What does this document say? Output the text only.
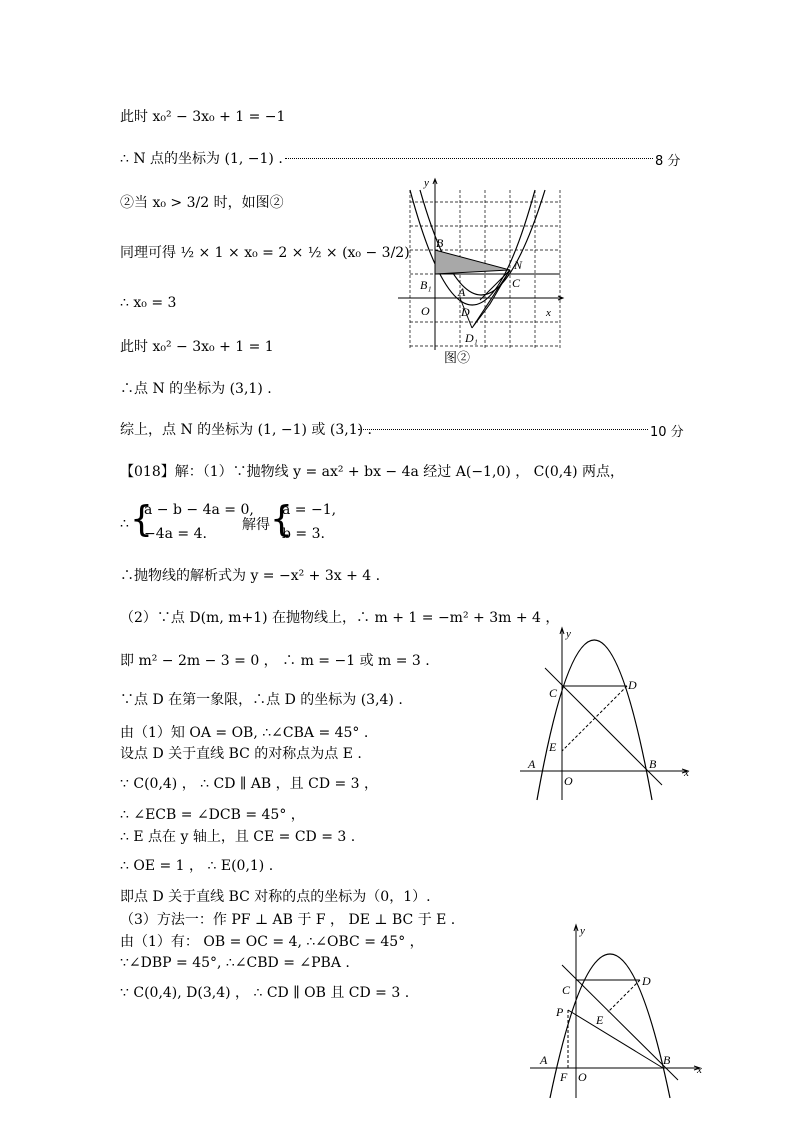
此时 x₀² − 3x₀ + 1 = −1
∴ N 点的坐标为 (1, −1) .	8 分
②当 x₀ > 3/2 时，如图②
同理可得 ½ × 1 × x₀ = 2 × ½ × (x₀ − 3/2)
∴ x₀ = 3
此时 x₀² − 3x₀ + 1 = 1
∴点 N 的坐标为 (3,1) .
综上，点 N 的坐标为 (1, −1) 或 (3,1) .	10 分
y
x
O
B
B₁ A
N
C
D
D₁
图②
【018】解：（1）∵抛物线 y = ax² + bx − 4a 经过 A(−1,0) ， C(0,4) 两点，
∴ {
a − b − 4a = 0,
−4a = 4.
解得 {
a = −1,
b = 3.
∴抛物线的解析式为 y = −x² + 3x + 4 .
（2）∵点 D(m, m+1) 在抛物线上，∴ m + 1 = −m² + 3m + 4 ，
即 m² − 2m − 3 = 0 ， ∴ m = −1 或 m = 3 .
∵点 D 在第一象限，∴点 D 的坐标为 (3,4) .
由（1）知 OA = OB, ∴∠CBA = 45° .
设点 D 关于直线 BC 的对称点为点 E .
∵ C(0,4) ， ∴ CD ∥ AB ，且 CD = 3 ，
∴ ∠ECB = ∠DCB = 45° ，
∴ E 点在 y 轴上，且 CE = CD = 3 .
∴ OE = 1 ， ∴ E(0,1) .
即点 D 关于直线 BC 对称的点的坐标为（0，1）.
（3）方法一：作 PF ⊥ AB 于 F ， DE ⊥ BC 于 E .
由（1）有： OB = OC = 4, ∴∠OBC = 45° ，
∵∠DBP = 45°, ∴∠CBD = ∠PBA .
∵ C(0,4), D(3,4) ， ∴ CD ∥ OB 且 CD = 3 .
y
x
O
A	B
C
D
E
y
x
O
A	B
C
D
E
P
F
